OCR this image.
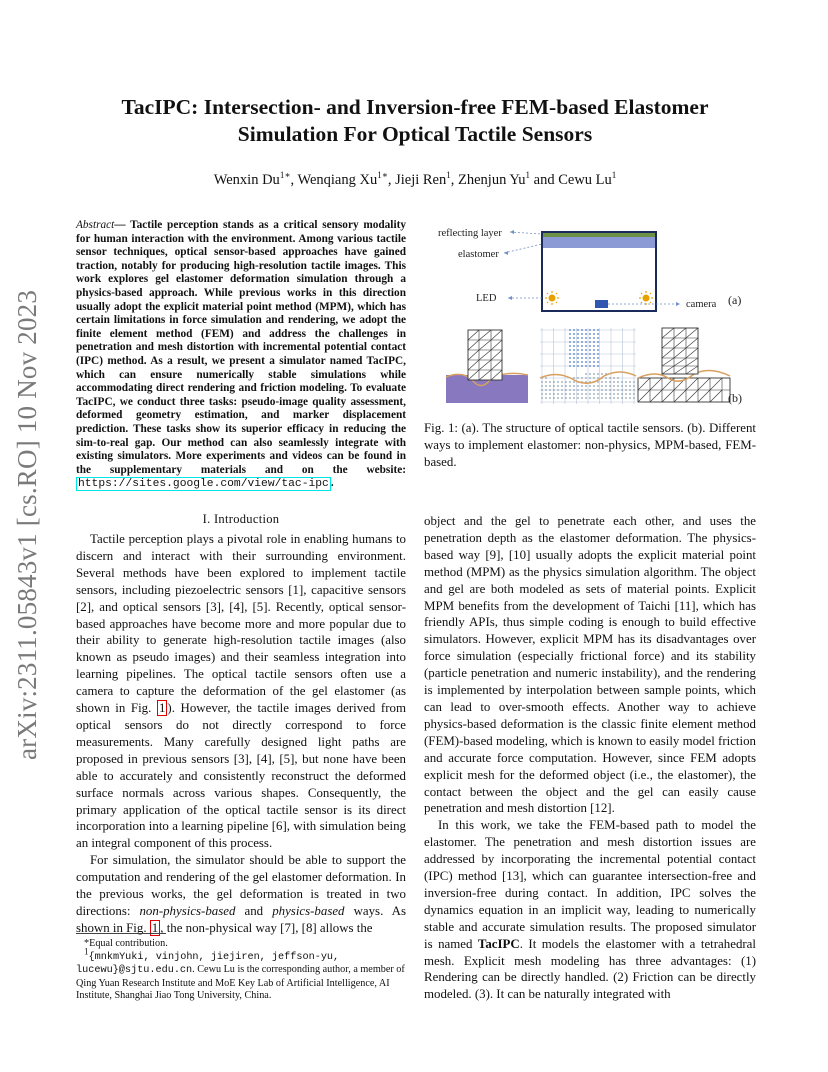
arXiv:2311.05843v1 [cs.RO] 10 Nov 2023
TacIPC: Intersection- and Inversion-free FEM-based Elastomer
Simulation For Optical Tactile Sensors
Wenxin $Du^{1∗}$, Wenqiang $Xu^{1∗}$, Jieji Ren$^1$, Zhenjun Yu$^1$ and Cewu Lu$^1$
Abstract— Tactile perception stands as a critical sensory modality for human interaction with the environment. Among various tactile sensor techniques, optical sensor-based approaches have gained traction, notably for producing high-resolution tactile images. This work explores gel elastomer deformation simulation through a physics-based approach. While previous works in this direction usually adopt the explicit material point method (MPM), which has certain limitations in force simulation and rendering, we adopt the finite element method (FEM) and address the challenges in penetration and mesh distortion with incremental potential contact (IPC) method. As a result, we present a simulator named TacIPC, which can ensure numerically stable simulations while accommodating direct rendering and friction modeling. To evaluate TacIPC, we conduct three tasks: pseudo-image quality assessment, deformed geometry estimation, and marker displacement prediction. These tasks show its superior efficacy in reducing the sim-to-real gap. Our method can also seamlessly integrate with existing simulators. More experiments and videos can be found in the supplementary materials and on the website: https://sites.google.com/view/tac-ipc .
I. Introduction

Tactile perception plays a pivotal role in enabling humans to discern and interact with their surrounding environment. Several methods have been explored to implement tactile sensors, including piezoelectric sensors [1], capacitive sensors [2], and optical sensors [3], [4], [5]. Recently, optical sensor-based approaches have become more and more popular due to their ability to generate high-resolution tactile images (also known as pseudo images) and their seamless integration into learning pipelines. The optical tactile sensors often use a camera to capture the deformation of the gel elastomer (as shown in Fig. 1 ). However, the tactile images derived from optical sensors do not directly correspond to force measurements. Many carefully designed light paths are proposed in previous sensors [3], [4], [5], but none have been able to accurately and consistently reconstruct the deformed surface normals across various shapes. Consequently, the primary application of the optical tactile sensor is its direct incorporation into a learning pipeline [6], with simulation being an integral component of this process.

For simulation, the simulator should be able to support the computation and rendering of the gel elastomer deformation. In the previous works, the gel deformation is treated in two directions: non-physics-based and physics-based ways. As shown in Fig. 1 , the non-physical way [7], [8] allows the

*Equal contribution.
$^1${mnkmYuki, vinjohn, jiejiren, jeffson-yu, lucewu}@sjtu.edu.cn. Cewu Lu is the corresponding author, a member of Qing Yuan Research Institute and MoE Key Lab of Artificial Intelligence, AI Institute, Shanghai Jiao Tong University, China.
reflecting layer
elastomer
LED
camera (a)
(b)
Fig. 1: (a). The structure of optical tactile sensors. (b). Different ways to implement elastomer: non-physics, MPM-based, FEM-based.

object and the gel to penetrate each other, and uses the penetration depth as the elastomer deformation. The physics-based way [9], [10] usually adopts the explicit material point method (MPM) as the physics simulation algorithm. The object and gel are both modeled as sets of material points. Explicit MPM benefits from the development of Taichi [11], which has friendly APIs, thus simple coding is enough to build effective simulators. However, explicit MPM has its disadvantages over force simulation (especially frictional force) and its stability (particle penetration and numeric instability), and the rendering is implemented by interpolation between sample points, which can lead to over-smooth effects. Another way to achieve physics-based deformation is the classic finite element method (FEM)-based modeling, which is known to easily model friction and accurate force computation. However, since FEM adopts explicit mesh for the deformed object (i.e., the elastomer), the contact between the object and the gel can easily cause penetration and mesh distortion [12].

In this work, we take the FEM-based path to model the elastomer. The penetration and mesh distortion issues are addressed by incorporating the incremental potential contact (IPC) method [13], which can guarantee intersection-free and inversion-free during contact. In addition, IPC solves the dynamics equation in an implicit way, leading to numerically stable and accurate simulation results. The proposed simulator is named TacIPC. It models the elastomer with a tetrahedral mesh. Explicit mesh modeling has three advantages: (1) Rendering can be directly handled. (2) Friction can be directly modeled. (3). It can be naturally integrated with
